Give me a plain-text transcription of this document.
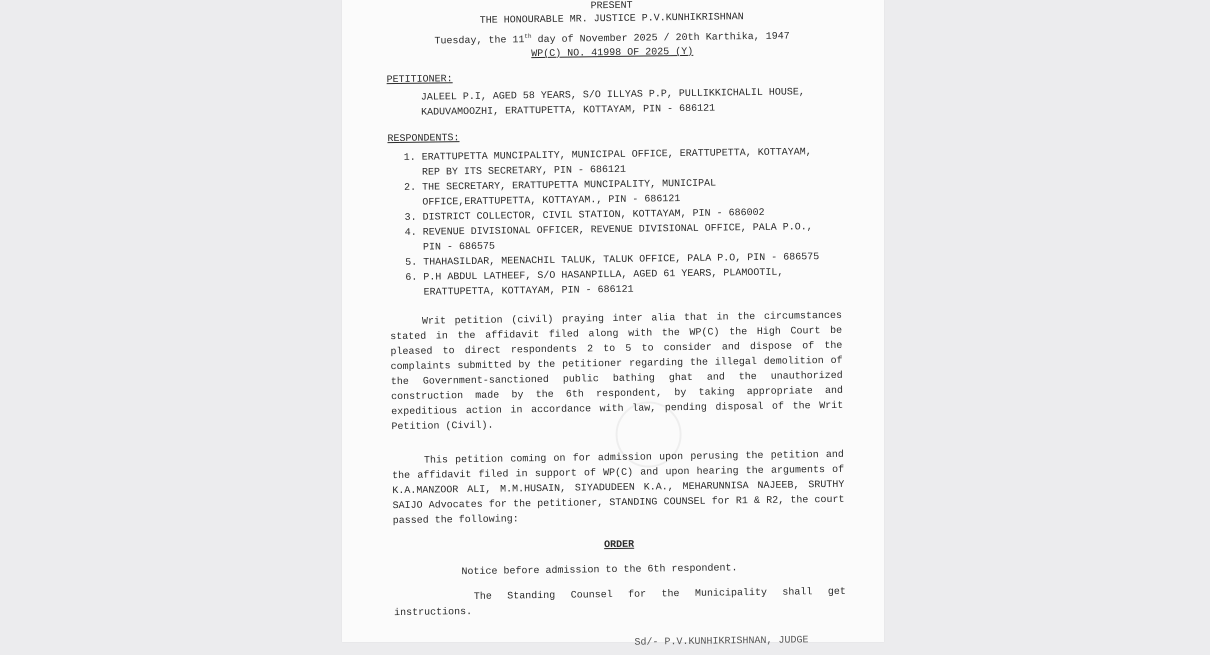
PRESENT
THE HONOURABLE MR. JUSTICE P.V.KUNHIKRISHNAN
Tuesday, the 11th day of November 2025 / 20th Karthika, 1947
WP(C) NO. 41998 OF 2025 (Y)
PETITIONER:
JALEEL P.I, AGED 58 YEARS, S/O ILLYAS P.P, PULLIKKICHALIL HOUSE,
KADUVAMOOZHI, ERATTUPETTA, KOTTAYAM, PIN - 686121
RESPONDENTS:
1. ERATTUPETTA MUNCIPALITY, MUNICIPAL OFFICE, ERATTUPETTA, KOTTAYAM,
REP BY ITS SECRETARY, PIN - 686121
2. THE SECRETARY, ERATTUPETTA MUNCIPALITY, MUNICIPAL
OFFICE,ERATTUPETTA, KOTTAYAM., PIN - 686121
3. DISTRICT COLLECTOR, CIVIL STATION, KOTTAYAM, PIN - 686002
4. REVENUE DIVISIONAL OFFICER, REVENUE DIVISIONAL OFFICE, PALA P.O.,
PIN - 686575
5. THAHASILDAR, MEENACHIL TALUK, TALUK OFFICE, PALA P.O, PIN - 686575
6. P.H ABDUL LATHEEF, S/O HASANPILLA, AGED 61 YEARS, PLAMOOTIL,
ERATTUPETTA, KOTTAYAM, PIN - 686121
Writ petition (civil) praying inter alia that in the circumstances stated in the affidavit filed along with the WP(C) the High Court be pleased to direct respondents 2 to 5 to consider and dispose of the complaints submitted by the petitioner regarding the illegal demolition of the Government-sanctioned public bathing ghat and the unauthorized construction made by the 6th respondent, by taking appropriate and expeditious action in accordance with law, pending disposal of the Writ Petition (Civil).
This petition coming on for admission upon perusing the petition and the affidavit filed in support of WP(C) and upon hearing the arguments of K.A.MANZOOR ALI, M.M.HUSAIN, SIYADUDEEN K.A., MEHARUNNISA NAJEEB, SRUTHY SAIJO Advocates for the petitioner, STANDING COUNSEL for R1 & R2, the court passed the following:
ORDER
Notice before admission to the 6th respondent.
The Standing Counsel for the Municipality shall get instructions.
Sd/- P.V.KUNHIKRISHNAN, JUDGE
